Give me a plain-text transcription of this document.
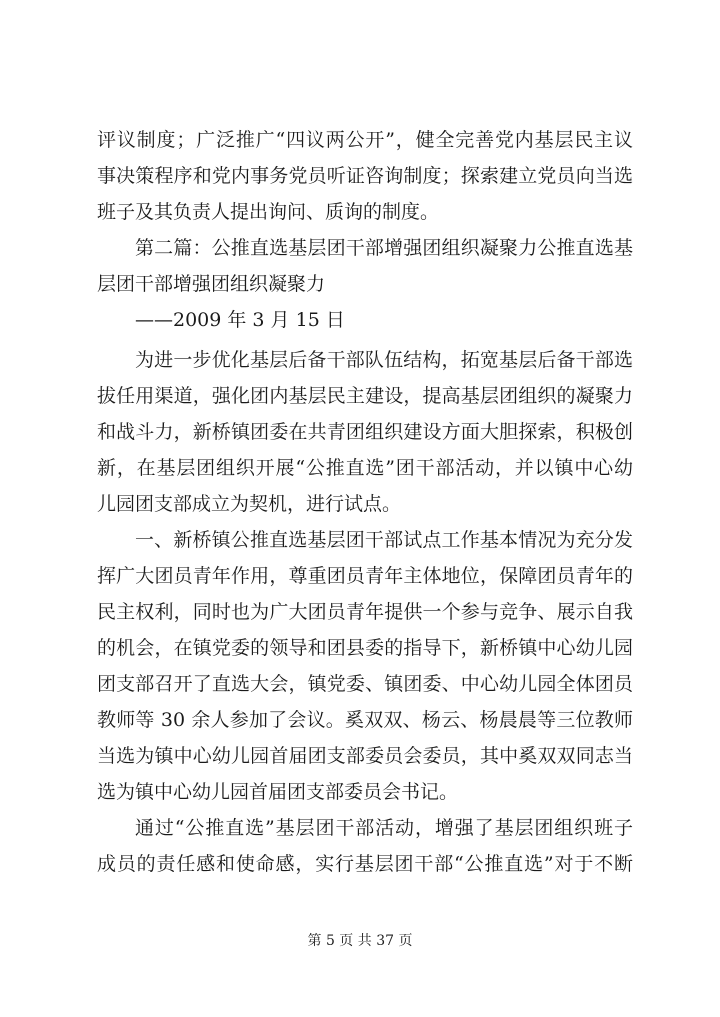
评议制度；广泛推广“四议两公开”，健全完善党内基层民主议
事决策程序和党内事务党员听证咨询制度；探索建立党员向当选
班子及其负责人提出询问、质询的制度。
第二篇：公推直选基层团干部增强团组织凝聚力公推直选基
层团干部增强团组织凝聚力
——2009 年 3 月 15 日
为进一步优化基层后备干部队伍结构，拓宽基层后备干部选
拔任用渠道，强化团内基层民主建设，提高基层团组织的凝聚力
和战斗力，新桥镇团委在共青团组织建设方面大胆探索，积极创
新，在基层团组织开展“公推直选”团干部活动，并以镇中心幼
儿园团支部成立为契机，进行试点。
一、新桥镇公推直选基层团干部试点工作基本情况为充分发
挥广大团员青年作用，尊重团员青年主体地位，保障团员青年的
民主权利，同时也为广大团员青年提供一个参与竞争、展示自我
的机会，在镇党委的领导和团县委的指导下，新桥镇中心幼儿园
团支部召开了直选大会，镇党委、镇团委、中心幼儿园全体团员
教师等 30 余人参加了会议。奚双双、杨云、杨晨晨等三位教师
当选为镇中心幼儿园首届团支部委员会委员，其中奚双双同志当
选为镇中心幼儿园首届团支部委员会书记。
通过“公推直选”基层团干部活动，增强了基层团组织班子
成员的责任感和使命感，实行基层团干部“公推直选”对于不断
第 5 页 共 37 页
